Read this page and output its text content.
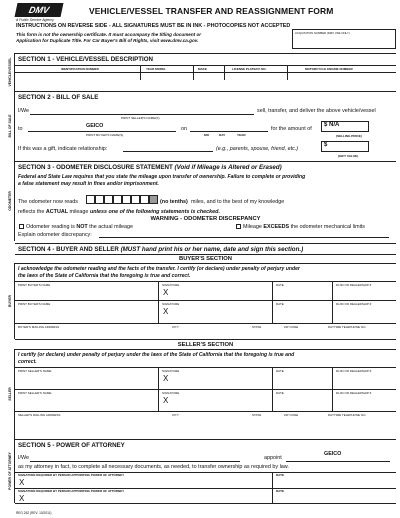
DMV
A Public Service Agency
VEHICLE/VESSEL TRANSFER AND REASSIGNMENT FORM
INSTRUCTIONS ON REVERSE SIDE - ALL SIGNATURES MUST BE IN INK - PHOTOCOPIES NOT ACCEPTED
This form is not the ownership certificate. It must accompany the titling document or
Application for Duplicate Title. For Car Buyer's Bill of Rights, visit www.dmv.ca.gov.
ACQUISITION NUMBER (DMV USE ONLY)
VEHICLE/VESSEL SECTION 1 - VEHICLE/VESSEL DESCRIPTION
IDENTIFICATION NUMBER	YEAR MODEL	MAKE	LICENSE PLATE/CF NO.	MOTORCYCLE ENGINE NUMBER
BILL OF SALE
SECTION 2 - BILL OF SALE
I/We
PRINT SELLER'S NAME(S)
sell, transfer, and deliver the above vehicle/vessel
to	GEICO
PRINT BUYER'S NAME(S)
on
MO	DAY	YEAR
for the amount of
$ N/A
(SELLING PRICE)
If this was a gift, indicate relationship:	(e.g., parents, spouse, friend, etc.)
$
(GIFT VALUE)
ODOMETER
SECTION 3 - ODOMETER DISCLOSURE STATEMENT (Void if Mileage is Altered or Erased)
Federal and State Law requires that you state the mileage upon transfer of ownership. Failure to complete or providing
a false statement may result in fines and/or imprisonment.
The odometer now reads	(no tenths) miles, and to the best of my knowledge
reflects the ACTUAL mileage unless one of the following statements is checked.
WARNING - ODOMETER DISCREPANCY
Odometer reading is NOT the actual mileage	Mileage EXCEEDS the odometer mechanical limits
Explain odometer discrepancy:
SECTION 4 - BUYER AND SELLER (MUST hand print his or her name, date and sign this section.)
BUYER'S SECTION
BUYER
I acknowledge the odometer reading and the facts of the transfer. I certify (or declare) under penalty of perjury under
the laws of the State of California that the foregoing is true and correct.
PRINT BUYER'S NAME	SIGNATURE
X
DATE	DL/ID OR DEALERSHIP #
PRINT BUYER'S NAME	SIGNATURE
X
DATE	DL/ID OR DEALERSHIP #
BUYER'S MAILING ADDRESS	CITY	STATE	ZIP CODE	DAYTIME TELEPHONE NO.
SELLER'S SECTION
SELLER
I certify (or declare) under penalty of perjury under the laws of the State of California that the foregoing is true and
correct.
PRINT SELLER'S NAME	SIGNATURE
X
DATE	DL/ID OR DEALERSHIP #
PRINT SELLER'S NAME	SIGNATURE
X
DATE	DL/ID OR DEALERSHIP #
SELLER'S MAILING ADDRESS	CITY	STATE	ZIP CODE	DAYTIME TELEPHONE NO.
POWER OF ATTORNEY
SECTION 5 - POWER OF ATTORNEY
I/We	appoint
GEICO
as my attorney in fact, to complete all necessary documents, as needed, to transfer ownership as required by law.
SIGNATURE REQUIRED BY PERSON APPOINTING POWER OF ATTORNEY	DATE
X
SIGNATURE REQUIRED BY PERSON APPOINTING POWER OF ATTORNEY	DATE
X
REG 262 (REV. 10/2011)
